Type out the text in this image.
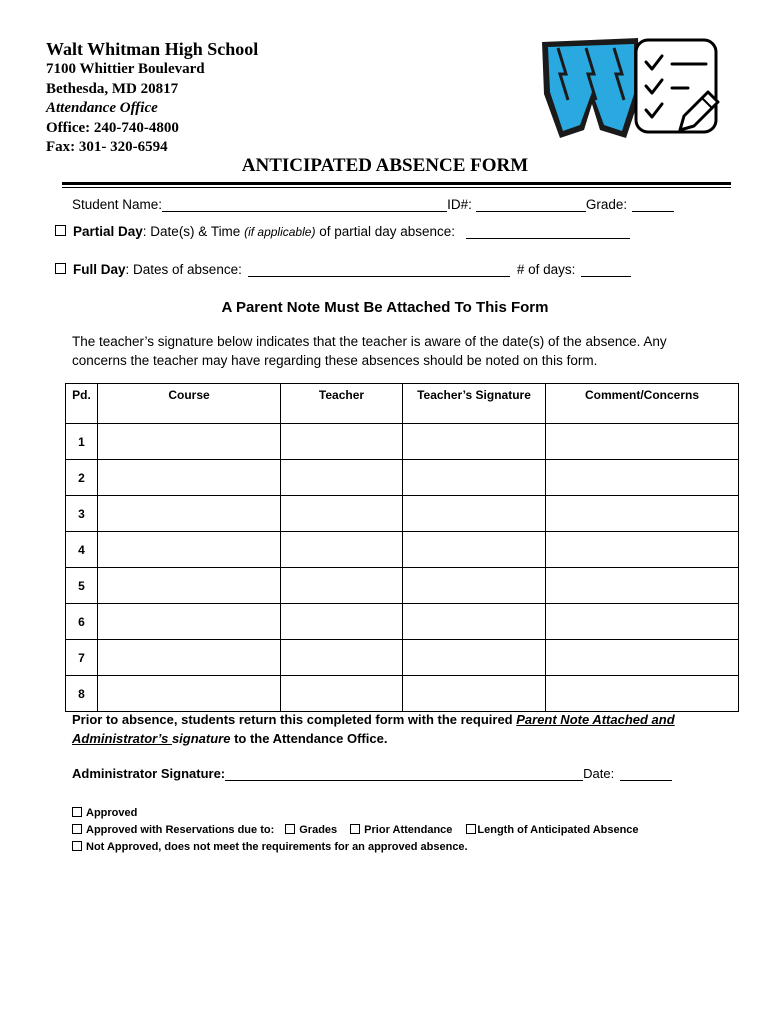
Walt Whitman High School
7100 Whittier Boulevard
Bethesda, MD 20817
Attendance Office
Office: 240-740-4800
Fax: 301- 320-6594
ANTICIPATED ABSENCE FORM
Student Name:	ID#:	Grade:
Partial Day: Date(s) & Time (if applicable) of partial day absence:
Full Day: Dates of absence:	# of days:
A Parent Note Must Be Attached To This Form
The teacher’s signature below indicates that the teacher is aware of the date(s) of the absence. Any concerns the teacher may have regarding these absences should be noted on this form.
Pd.	Course	Teacher	Teacher’s Signature	Comment/Concerns
1				
2				
3				
4				
5				
6				
7				
8				
Prior to absence, students return this completed form with the required Parent Note Attached and Administrator’s signature to the Attendance Office.
Administrator Signature:	Date:
Approved
Approved with Reservations due to: Grades Prior Attendance Length of Anticipated Absence
Not Approved, does not meet the requirements for an approved absence.
